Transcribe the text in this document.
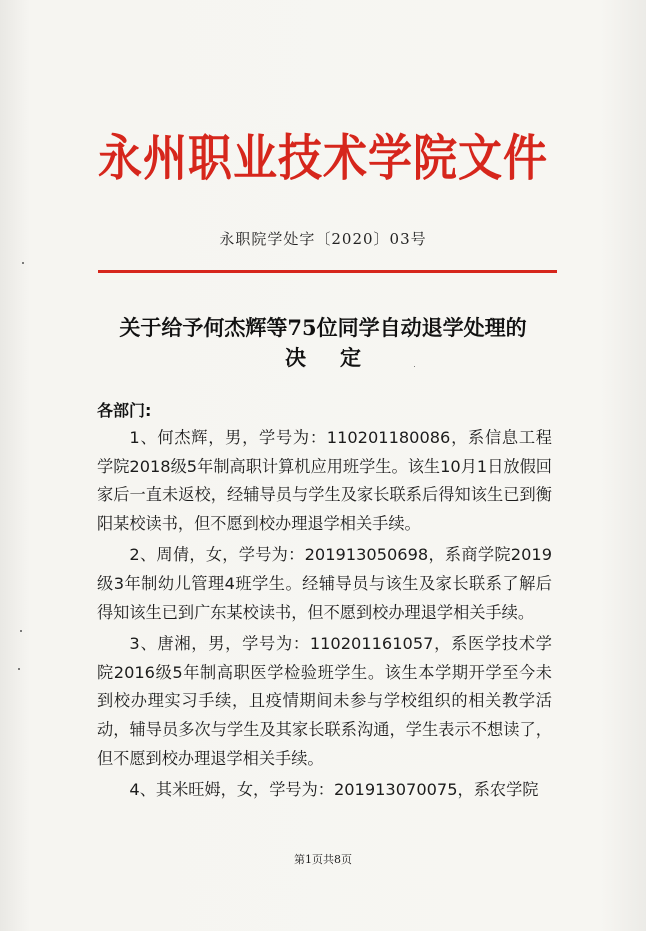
永州职业技术学院文件
永职院学处字〔2020〕03号
关于给予何杰辉等75位同学自动退学处理的
决定
各部门:

1、何杰辉，男，学号为：110201180086，系信息工程学院2018级5年制高职计算机应用班学生。该生10月1日放假回家后一直未返校，经辅导员与学生及家长联系后得知该生已到衡阳某校读书，但不愿到校办理退学相关手续。

2、周倩，女，学号为：201913050698，系商学院2019级3年制幼儿管理4班学生。经辅导员与该生及家长联系了解后得知该生已到广东某校读书，但不愿到校办理退学相关手续。

3、唐湘，男，学号为：110201161057，系医学技术学院2016级5年制高职医学检验班学生。该生本学期开学至今未到校办理实习手续，且疫情期间未参与学校组织的相关教学活动，辅导员多次与学生及其家长联系沟通，学生表示不想读了，但不愿到校办理退学相关手续。

4、其米旺姆，女，学号为：201913070075，系农学院

第1页共8页
